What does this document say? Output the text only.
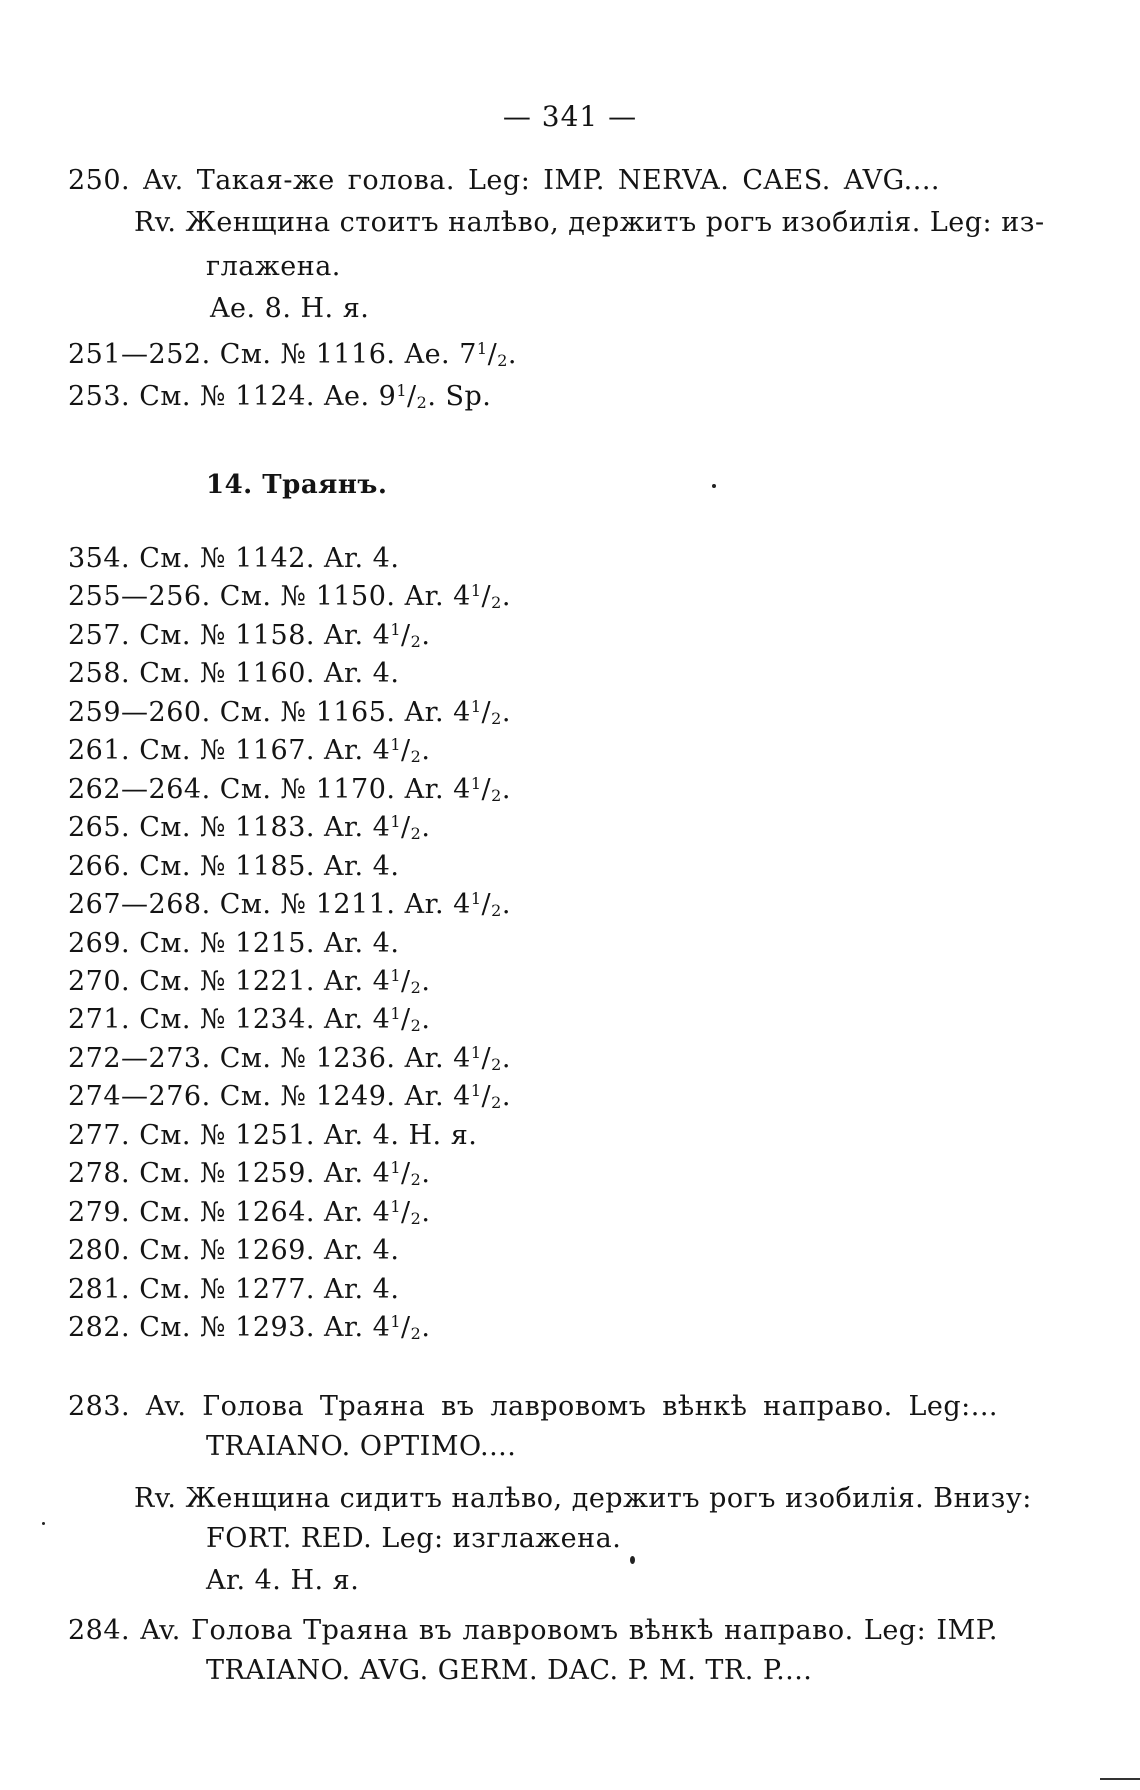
— 341 —
250. Av. Такая-же голова. Leg: IMP. NERVA. CAES. AVG....
Rv. Женщина стоитъ налѣво, держитъ рогъ изобилія. Leg: из-
глажена.
Ae. 8. Н. я.
251—252. См. № 1116. Ae. $7^1/_2$.
253. См. № 1124. Ae. $9^1/_2$. Sp.
14. Траянъ.
354. См. № 1142. Ar. 4.
255—256. См. № 1150. Ar. $4^1/_2$.
257. См. № 1158. Ar. $4^1/_2$.
258. См. № 1160. Ar. 4.
259—260. См. № 1165. Ar. $4^1/_2$.
261. См. № 1167. Ar. $4^1/_2$.
262—264. См. № 1170. Ar. $4^1/_2$.
265. См. № 1183. Ar. $4^1/_2$.
266. См. № 1185. Ar. 4.
267—268. См. № 1211. Ar. $4^1/_2$.
269. См. № 1215. Ar. 4.
270. См. № 1221. Ar. $4^1/_2$.
271. См. № 1234. Ar. $4^1/_2$.
272—273. См. № 1236. Ar. $4^1/_2$.
274—276. См. № 1249. Ar. $4^1/_2$.
277. См. № 1251. Ar. 4. Н. я.
278. См. № 1259. Ar. $4^1/_2$.
279. См. № 1264. Ar. $4^1/_2$.
280. См. № 1269. Ar. 4.
281. См. № 1277. Ar. 4.
282. См. № 1293. Ar. $4^1/_2$.
283. Av. Голова Траяна въ лавровомъ вѣнкѣ направо. Leg:...
TRAIANO. OPTIMO....
Rv. Женщина сидитъ налѣво, держитъ рогъ изобилія. Внизу:
FORT. RED. Leg: изглажена.
Ar. 4. Н. я.
284. Av. Голова Траяна въ лавровомъ вѣнкѣ направо. Leg: IMP.
TRAIANO. AVG. GERM. DAC. P. M. TR. P....
